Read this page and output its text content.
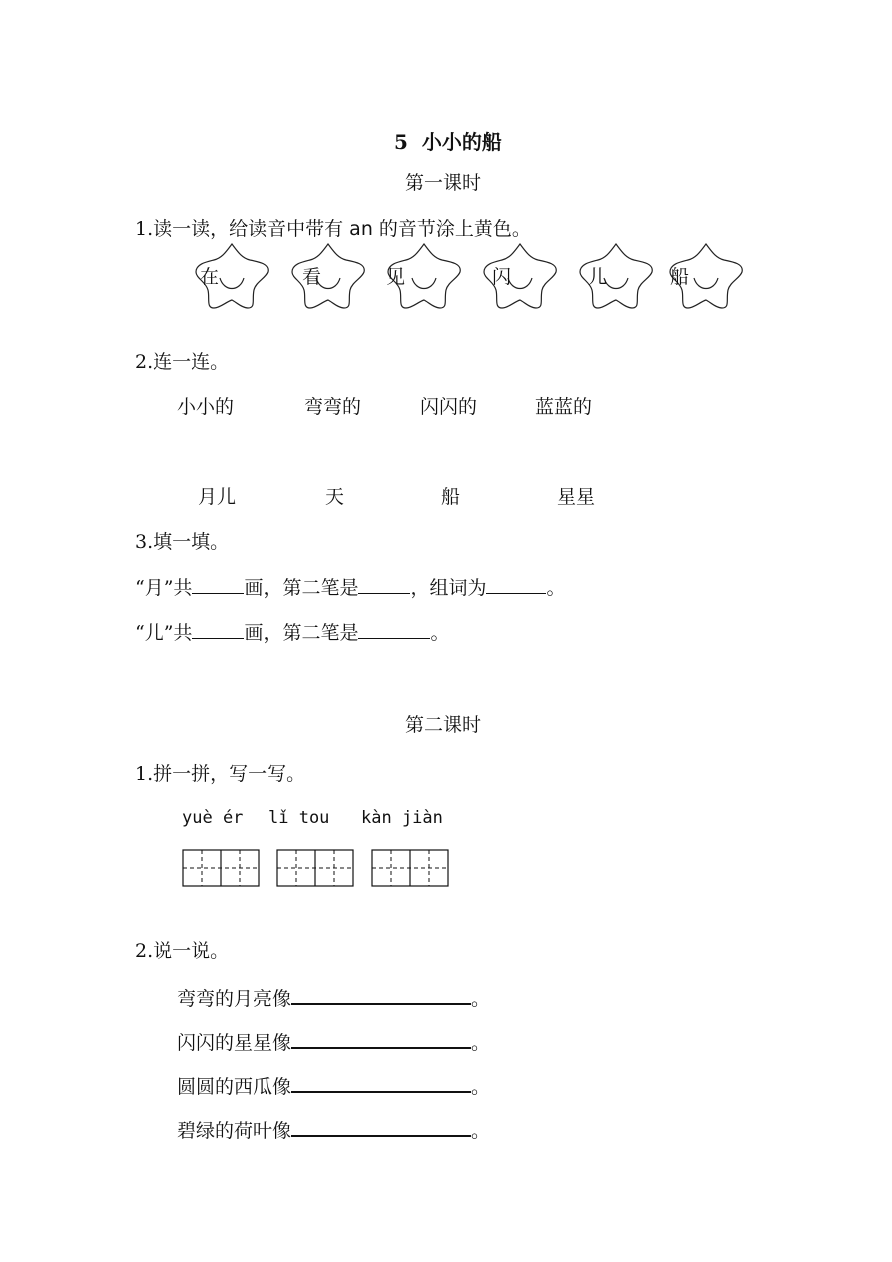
5  小小的船
第一课时
1.读一读，给读音中带有 an 的音节涂上黄色。
在	看	见	闪	儿	船
2.连一连。
小小的	弯弯的	闪闪的	蓝蓝的
月儿	天	船	星星
3.填一填。
“月”共	画，第二笔是	，组词为	。
“儿”共	画，第二笔是	。
第二课时
1.拼一拼，写一写。
yuè ér lǐ tou kàn jiàn
2.说一说。
弯弯的月亮像	。
闪闪的星星像	。
圆圆的西瓜像	。
碧绿的荷叶像	。
